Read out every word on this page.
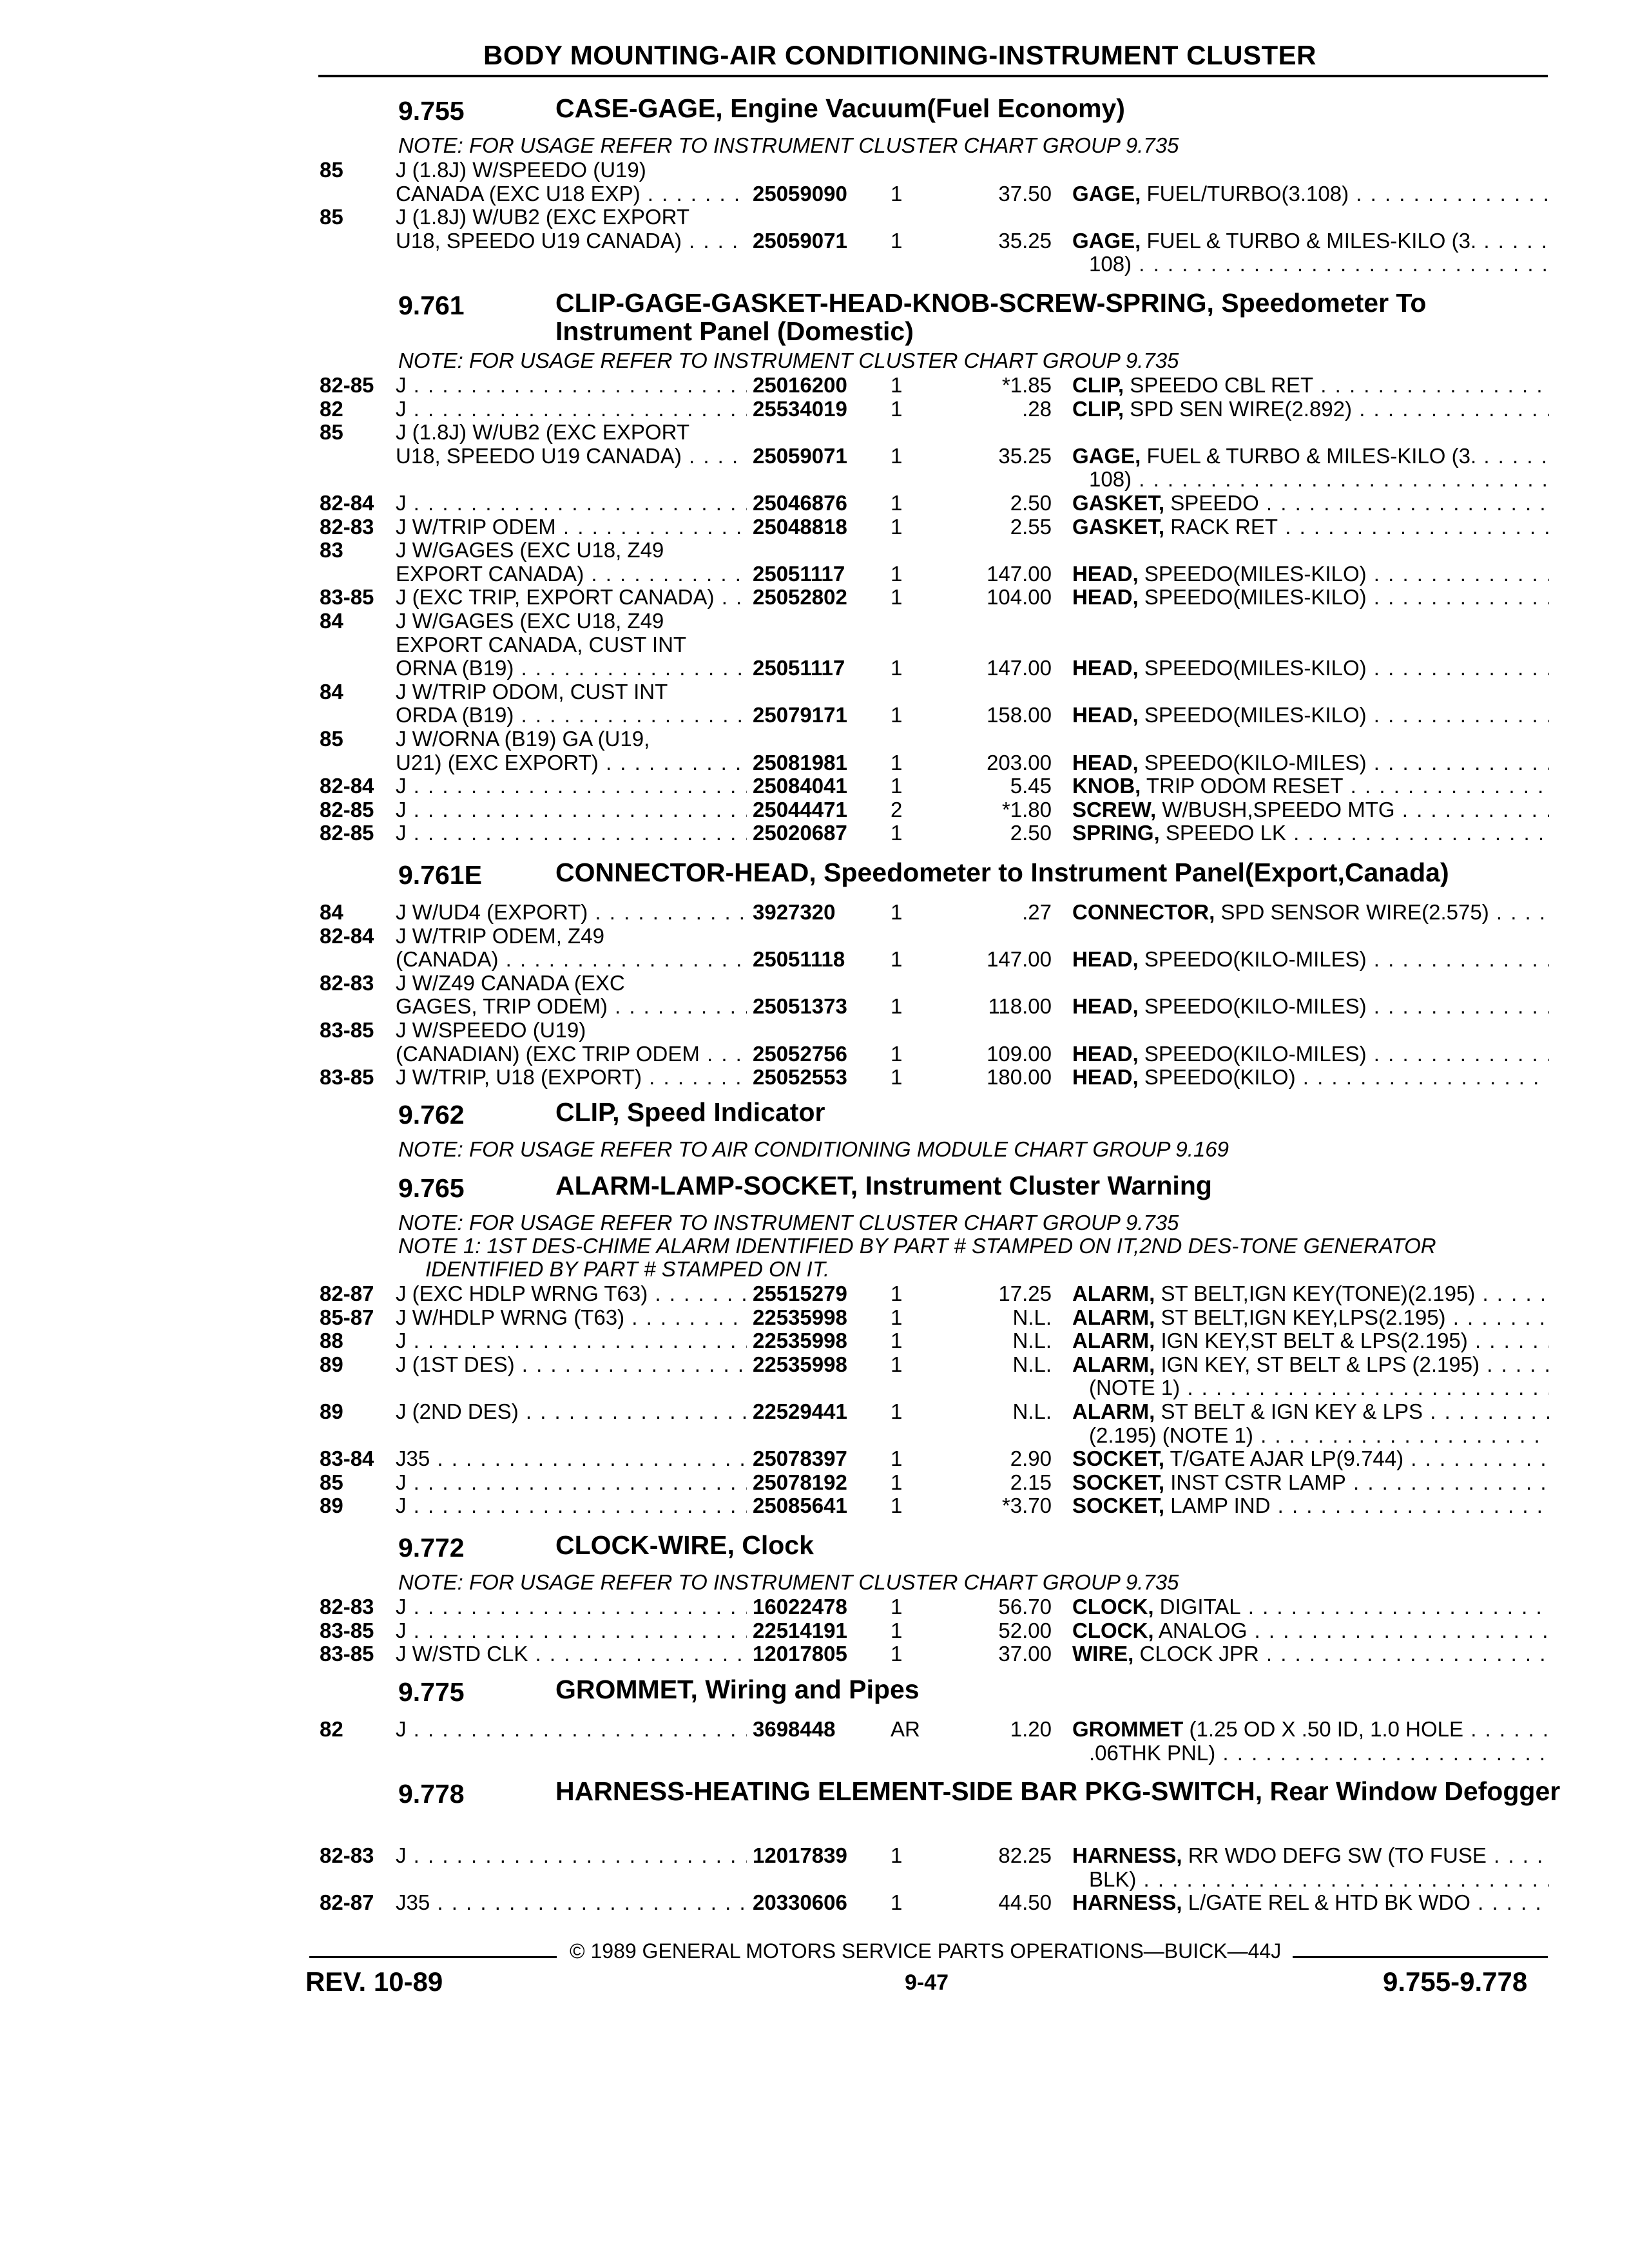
BODY MOUNTING-AIR CONDITIONING-INSTRUMENT CLUSTER
9.755	CASE-GAGE, Engine Vacuum(Fuel Economy)
NOTE: FOR USAGE REFER TO INSTRUMENT CLUSTER CHART GROUP 9.735
85 J (1.8J) W/SPEEDO (U19)
CANADA (EXC U18 EXP) . . .	25059090 1	37.50 GAGE, FUEL/TURBO(3.108) . . .
85 J (1.8J) W/UB2 (EXC EXPORT
U18, SPEEDO U19 CANADA) . . .	25059071 1	35.25 GAGE, FUEL & TURBO & MILES-KILO (3. . . .
108) . . .
9.761	CLIP-GAGE-GASKET-HEAD-KNOB-SCREW-SPRING, Speedometer To Instrument Panel (Domestic)
NOTE: FOR USAGE REFER TO INSTRUMENT CLUSTER CHART GROUP 9.735
82-85 J . . .	25016200 1	*1.85 CLIP, SPEEDO CBL RET . . .
82 J . . .	25534019 1	.28 CLIP, SPD SEN WIRE(2.892) . . .
85 J (1.8J) W/UB2 (EXC EXPORT
U18, SPEEDO U19 CANADA) . . .	25059071 1	35.25 GAGE, FUEL & TURBO & MILES-KILO (3. . . .
108) . . .
82-84 J . . .	25046876 1	2.50 GASKET, SPEEDO . . .
82-83 J W/TRIP ODEM . . .	25048818 1	2.55 GASKET, RACK RET . . .
83 J W/GAGES (EXC U18, Z49
EXPORT CANADA) . . .	25051117 1	147.00 HEAD, SPEEDO(MILES-KILO) . . .
83-85 J (EXC TRIP, EXPORT CANADA) . . .	25052802 1	104.00 HEAD, SPEEDO(MILES-KILO) . . .
84 J W/GAGES (EXC U18, Z49
EXPORT CANADA, CUST INT
ORNA (B19) . . .	25051117 1	147.00 HEAD, SPEEDO(MILES-KILO) . . .
84 J W/TRIP ODOM, CUST INT
ORDA (B19) . . .	25079171 1	158.00 HEAD, SPEEDO(MILES-KILO) . . .
85 J W/ORNA (B19) GA (U19,
U21) (EXC EXPORT) . . .	25081981 1	203.00 HEAD, SPEEDO(KILO-MILES) . . .
82-84 J . . .	25084041 1	5.45 KNOB, TRIP ODOM RESET . . .
82-85 J . . .	25044471 2	*1.80 SCREW, W/BUSH,SPEEDO MTG . . .
82-85 J . . .	25020687 1	2.50 SPRING, SPEEDO LK . . .
9.761E	CONNECTOR-HEAD, Speedometer to Instrument Panel(Export,Canada)
84 J W/UD4 (EXPORT) . . .	3927320	1	.27 CONNECTOR, SPD SENSOR WIRE(2.575) . . .
82-84 J W/TRIP ODEM, Z49
(CANADA) . . .	25051118 1	147.00 HEAD, SPEEDO(KILO-MILES) . . .
82-83 J W/Z49 CANADA (EXC
GAGES, TRIP ODEM) . . .	25051373 1	118.00 HEAD, SPEEDO(KILO-MILES) . . .
83-85 J W/SPEEDO (U19)
(CANADIAN) (EXC TRIP ODEM . . .	25052756 1	109.00 HEAD, SPEEDO(KILO-MILES) . . .
83-85 J W/TRIP, U18 (EXPORT) . . .	25052553 1	180.00 HEAD, SPEEDO(KILO) . . .
9.762	CLIP, Speed Indicator
NOTE: FOR USAGE REFER TO AIR CONDITIONING MODULE CHART GROUP 9.169
9.765	ALARM-LAMP-SOCKET, Instrument Cluster Warning
NOTE: FOR USAGE REFER TO INSTRUMENT CLUSTER CHART GROUP 9.735
NOTE 1: 1ST DES-CHIME ALARM IDENTIFIED BY PART # STAMPED ON IT,2ND DES-TONE GENERATOR
IDENTIFIED BY PART # STAMPED ON IT.
82-87 J (EXC HDLP WRNG T63) . . .	25515279 1	17.25 ALARM, ST BELT,IGN KEY(TONE)(2.195) . . .
85-87 J W/HDLP WRNG (T63) . . .	22535998 1	N.L. ALARM, ST BELT,IGN KEY,LPS(2.195) . . .
88 J . . .	22535998 1	N.L. ALARM, IGN KEY,ST BELT & LPS(2.195) . . .
89 J (1ST DES) . . .	22535998 1	N.L. ALARM, IGN KEY, ST BELT & LPS (2.195) . . .
(NOTE 1) . . .
89 J (2ND DES) . . .	22529441 1	N.L. ALARM, ST BELT & IGN KEY & LPS . . .
(2.195) (NOTE 1) . . .
83-84 J35 . . .	25078397 1	2.90 SOCKET, T/GATE AJAR LP(9.744) . . .
85 J . . .	25078192 1	2.15 SOCKET, INST CSTR LAMP . . .
89 J . . .	25085641 1	*3.70 SOCKET, LAMP IND . . .
9.772	CLOCK-WIRE, Clock
NOTE: FOR USAGE REFER TO INSTRUMENT CLUSTER CHART GROUP 9.735
82-83 J . . .	16022478 1	56.70 CLOCK, DIGITAL . . .
83-85 J . . .	22514191 1	52.00 CLOCK, ANALOG . . .
83-85 J W/STD CLK . . .	12017805 1	37.00 WIRE, CLOCK JPR . . .
9.775	GROMMET, Wiring and Pipes
82 J . . .	3698448	AR	1.20 GROMMET (1.25 OD X .50 ID, 1.0 HOLE . . .
.06THK PNL) . . .
9.778	HARNESS-HEATING ELEMENT-SIDE BAR PKG-SWITCH, Rear Window Defogger
82-83 J . . .	12017839 1	82.25 HARNESS, RR WDO DEFG SW (TO FUSE . . .
BLK) . . .
82-87 J35 . . .	20330606 1	44.50 HARNESS, L/GATE REL & HTD BK WDO . . .
© 1989 GENERAL MOTORS SERVICE PARTS OPERATIONS—BUICK—44J
REV. 10-89	9-47	9.755-9.778
